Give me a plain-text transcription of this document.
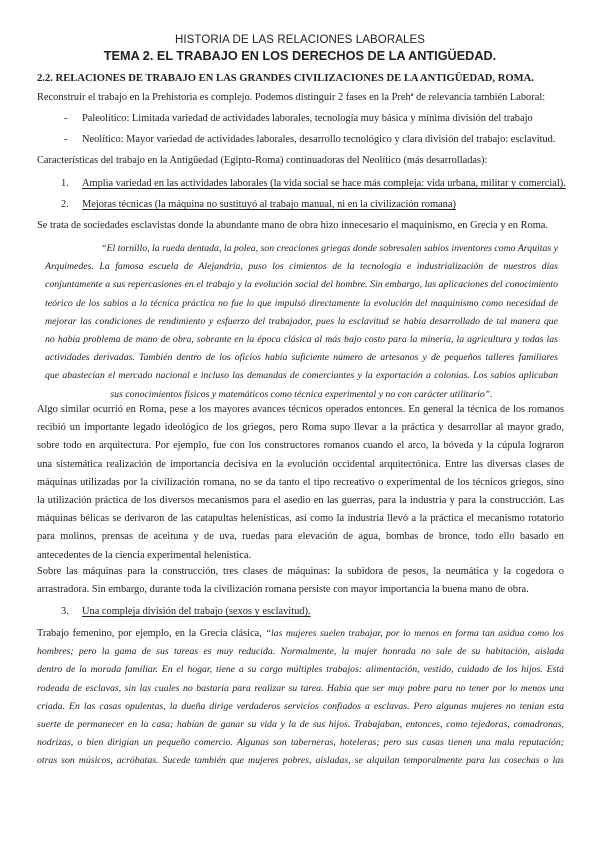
HISTORIA DE LAS RELACIONES LABORALES
TEMA 2. EL TRABAJO EN LOS DERECHOS DE LA ANTIGÜEDAD.
2.2. RELACIONES DE TRABAJO EN LAS GRANDES CIVILIZACIONES DE LA ANTIGÜEDAD, ROMA.
Reconstruir el trabajo en la Prehistoria es complejo. Podemos distinguir 2 fases en la Prehª de relevancia también Laboral:
- Paleolítico: Limitada variedad de actividades laborales, tecnología muy básica y mínima división del trabajo
- Neolítico: Mayor variedad de actividades laborales, desarrollo tecnológico y clara división del trabajo: esclavitud.
Características del trabajo en la Antigüedad (Egipto-Roma) continuadoras del Neolítico (más desarrolladas):
1. Amplia variedad en las actividades laborales (la vida social se hace más compleja: vida urbana, militar y comercial).
2. Mejoras técnicas (la máquina no sustituyó al trabajo manual, ni en la civilización romana)
Se trata de sociedades esclavistas donde la abundante mano de obra hizo innecesario el maquinismo, en Grecia y en Roma.
“El tornillo, la rueda dentada, la polea, son creaciones griegas donde sobresalen sabios inventores como Arquitas y
Arquímedes. La famosa escuela de Alejandría, puso los cimientos de la tecnología e industrialización de nuestros días
conjuntamente a sus repercusiones en el trabajo y la evolución social del hombre. Sin embargo, las aplicaciones del conocimiento
teórico de los sabios a la técnica práctica no fue lo que impulsó directamente la evolución del maquinismo como necesidad de
mejorar las condiciones de rendimiento y esfuerzo del trabajador, pues la esclavitud se había desarrollado de tal manera que
no había problema de mano de obra, sobrante en la época clásica al más bajo costo para la minería, la agricultura y todas las
actividades derivadas. También dentro de los oficios había suficiente número de artesanos y de pequeños talleres familiares
que abastecían el mercado nacional e incluso las demandas de comerciantes y la exportación a colonias. Los sabios aplicaban
sus conocimientos físicos y matemáticos como técnica experimental y no con carácter utilitario”.
Algo similar ocurrió en Roma, pese a los mayores avances técnicos operados entonces. En general la técnica de los romanos
recibió un importante legado ideológico de los griegos, pero Roma supo llevar a la práctica y desarrollar al mayor grado,
sobre todo en arquitectura. Por ejemplo, fue con los constructores romanos cuando el arco, la bóveda y la cúpula lograron
una sistemática realización de importancia decisiva en la evolución occidental arquitectónica. Entre las diversas clases de
máquinas utilizadas por la civilización romana, no se da tanto el tipo recreativo o experimental de los técnicos griegos, sino
la utilización práctica de los diversos mecanismos para el asedio en las guerras, para la industria y para la construcción. Las
máquinas bélicas se derivaron de las catapultas helenísticas, así como la industria llevó a la práctica el mecanismo rotatorio
para molinos, prensas de aceituna y de uva, ruedas para elevación de agua, bombas de bronce, todo ello basado en
antecedentes de la ciencia experimental helenística.
Sobre las máquinas para la construcción, tres clases de máquinas: la subidora de pesos, la neumática y la cogedora o
arrastradora. Sin embargo, durante toda la civilización romana persiste con mayor importancia la buena mano de obra.
3. Una compleja división del trabajo (sexos y esclavitud).
Trabajo femenino, por ejemplo, en la Grecia clásica, “las mujeres suelen trabajar, por lo menos en forma tan asidua como los
hombres; pero la gama de sus tareas es muy reducida. Normalmente, la mujer honrada no sale de su habitación, aislada
dentro de la morada familiar. En el hogar, tiene a su cargo múltiples trabajos: alimentación, vestido, cuidado de los hijos. Está
rodeada de esclavas, sin las cuales no bastaría para realizar su tarea. Había que ser muy pobre para no tener por lo menos una
criada. En las casas opulentas, la dueña dirige verdaderos servicios confiados a esclavas. Pero algunas mujeres no tenían esta
suerte de permanecer en la casa; habían de ganar su vida y la de sus hijos. Trabajaban, entonces, como tejedoras, comadronas,
nodrizas, o bien dirigían un pequeño comercio. Algunas son taberneras, hoteleras; pero sus casas tienen una mala reputación;
otras son músicos, acróbatas. Sucede también que mujeres pobres, aisladas, se alquilan temporalmente para las cosechas o las
